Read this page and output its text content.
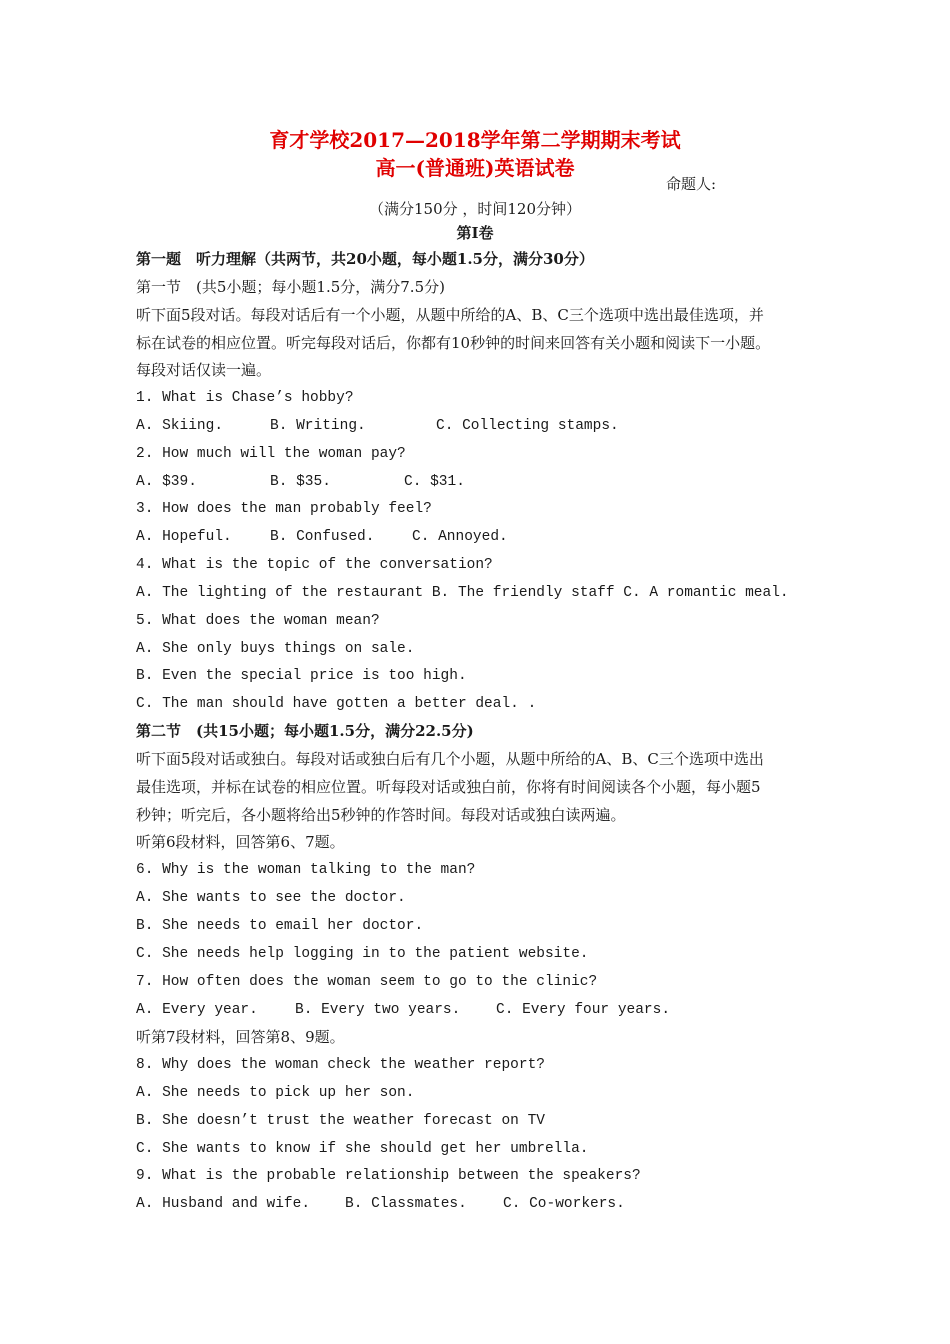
育才学校2017—2018学年第二学期期末考试
高一(普通班)英语试卷
命题人:
（满分150分 ，时间120分钟）
第Ⅰ卷
第一题　听力理解（共两节，共20小题，每小题1.5分，满分30分）
第一节　(共5小题；每小题1.5分，满分7.5分)
听下面5段对话。每段对话后有一个小题，从题中所给的A、B、C三个选项中选出最佳选项，并
标在试卷的相应位置。听完每段对话后，你都有10秒钟的时间来回答有关小题和阅读下一小题。
每段对话仅读一遍。
1. What is Chase’s hobby?
A. Skiing.	B. Writing.	C. Collecting stamps.
2. How much will the woman pay?
A. $39.	B. $35.	C. $31.
3. How does the man probably feel?
A. Hopeful.	B. Confused.	C. Annoyed.
4. What is the topic of the conversation?
A. The lighting of the restaurant B. The friendly staff C. A romantic meal.
5. What does the woman mean?
A. She only buys things on sale.
B. Even the special price is too high.
C. The man should have gotten a better deal. .
第二节　(共15小题；每小题1.5分，满分22.5分)
听下面5段对话或独白。每段对话或独白后有几个小题，从题中所给的A、B、C三个选项中选出
最佳选项，并标在试卷的相应位置。听每段对话或独白前，你将有时间阅读各个小题，每小题5
秒钟；听完后，各小题将给出5秒钟的作答时间。每段对话或独白读两遍。
听第6段材料，回答第6、7题。
6. Why is the woman talking to the man?
A. She wants to see the doctor.
B. She needs to email her doctor.
C. She needs help logging in to the patient website.
7. How often does the woman seem to go to the clinic?
A. Every year.	B. Every two years. C. Every four years.
听第7段材料，回答第8、9题。
8. Why does the woman check the weather report?
A. She needs to pick up her son.
B. She doesn’t trust the weather forecast on TV
C. She wants to know if she should get her umbrella.
9. What is the probable relationship between the speakers?
A. Husband and wife. B. Classmates. C. Co-workers.
